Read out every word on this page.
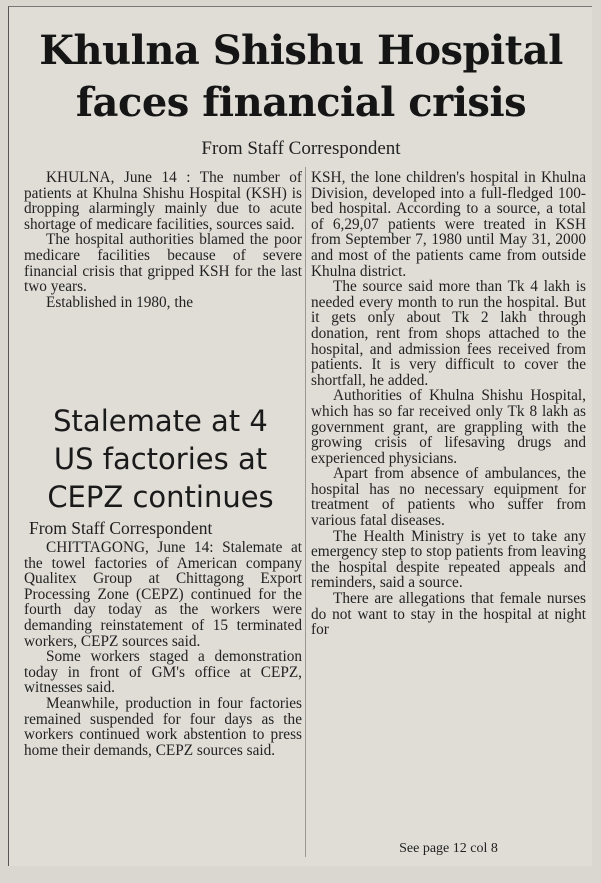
Khulna Shishu Hospital
faces financial crisis
From Staff Correspondent

KHULNA, June 14 : The number of patients at Khulna Shishu Hospital (KSH) is dropping alarmingly mainly due to acute shortage of medicare facilities, sources said.

The hospital authorities blamed the poor medicare facilities because of severe financial crisis that gripped KSH for the last two years.

Established in 1980, the

Stalemate at 4
US factories at
CEPZ continues
From Staff Correspondent

CHITTAGONG, June 14: Stalemate at the towel factories of American company Qualitex Group at Chittagong Export Processing Zone (CEPZ) continued for the fourth day today as the workers were demanding reinstatement of 15 terminated workers, CEPZ sources said.

Some workers staged a demonstration today in front of GM's office at CEPZ, witnesses said.

Meanwhile, production in four factories remained suspended for four days as the workers continued work abstention to press home their demands, CEPZ sources said.

KSH, the lone children's hospital in Khulna Division, developed into a full-fledged 100-bed hospital. According to a source, a total of 6,29,07 patients were treated in KSH from September 7, 1980 until May 31, 2000 and most of the patients came from outside Khulna district.

The source said more than Tk 4 lakh is needed every month to run the hospital. But it gets only about Tk 2 lakh through donation, rent from shops attached to the hospital, and admission fees received from patients. It is very difficult to cover the shortfall, he added.

Authorities of Khulna Shishu Hospital, which has so far received only Tk 8 lakh as government grant, are grappling with the growing crisis of lifesaving drugs and experienced physicians.

Apart from absence of ambulances, the hospital has no necessary equipment for treatment of patients who suffer from various fatal diseases.

The Health Ministry is yet to take any emergency step to stop patients from leaving the hospital despite repeated appeals and reminders, said a source.

There are allegations that female nurses do not want to stay in the hospital at night for

See page 12 col 8
